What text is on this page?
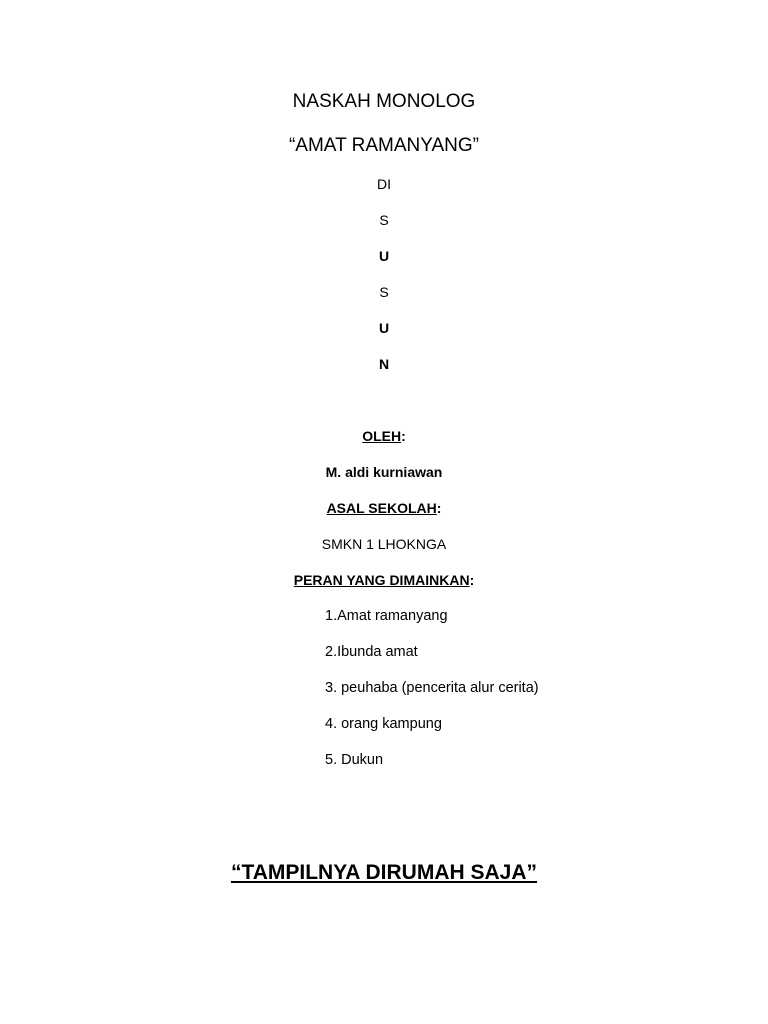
NASKAH MONOLOG
“AMAT RAMANYANG”
DI
S
U
S
U
N
OLEH:
M. aldi kurniawan
ASAL SEKOLAH:
SMKN 1 LHOKNGA
PERAN YANG DIMAINKAN:
1.Amat ramanyang
2.Ibunda amat
3. peuhaba (pencerita alur cerita)
4. orang kampung
5. Dukun
“TAMPILNYA DIRUMAH SAJA”
